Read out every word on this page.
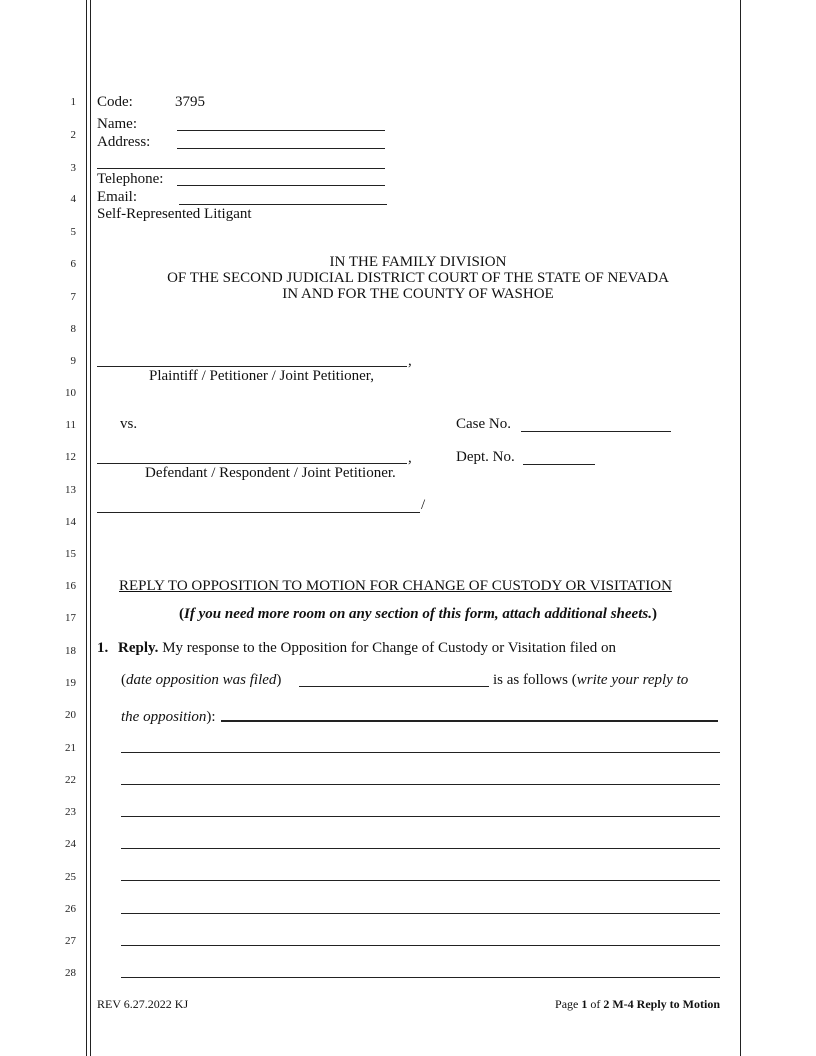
1
2
3
4
5
6
7
8
9
10
11
12
13
14
15
16
17
18
19
20
21
22
23
24
25
26
27
28
Code:	3795
Name:
Address:
Telephone:
Email:
Self-Represented Litigant
IN THE FAMILY DIVISION
OF THE SECOND JUDICIAL DISTRICT COURT OF THE STATE OF NEVADA
IN AND FOR THE COUNTY OF WASHOE
,
Plaintiff / Petitioner / Joint Petitioner,
vs.	Case No.
,	Dept. No.
Defendant / Respondent / Joint Petitioner.
/
REPLY TO OPPOSITION TO MOTION FOR CHANGE OF CUSTODY OR VISITATION
(If you need more room on any section of this form, attach additional sheets.)
1. Reply. My response to the Opposition for Change of Custody or Visitation filed on
(date opposition was filed)	is as follows (write your reply to
the opposition):
REV 6.27.2022 KJ	Page 1 of 2 M-4 Reply to Motion
